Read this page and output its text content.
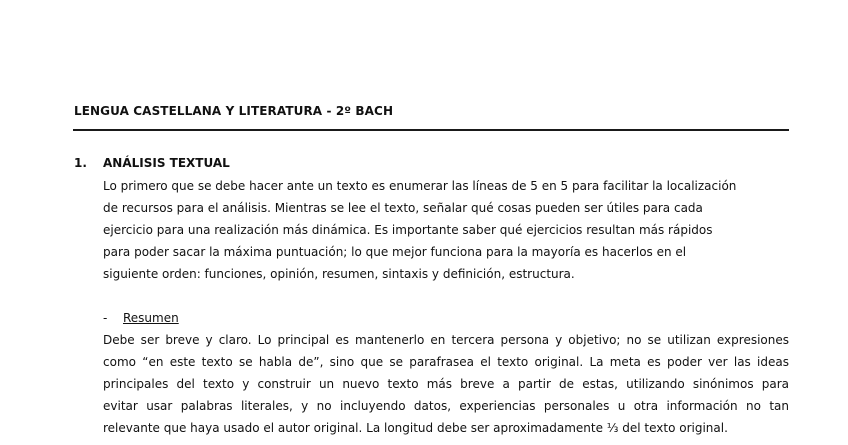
LENGUA CASTELLANA Y LITERATURA - 2º BACH
1. ANÁLISIS TEXTUAL
Lo primero que se debe hacer ante un texto es enumerar las líneas de 5 en 5 para facilitar la localización
de recursos para el análisis. Mientras se lee el texto, señalar qué cosas pueden ser útiles para cada
ejercicio para una realización más dinámica. Es importante saber qué ejercicios resultan más rápidos
para poder sacar la máxima puntuación; lo que mejor funciona para la mayoría es hacerlos en el
siguiente orden: funciones, opinión, resumen, sintaxis y definición, estructura.
- Resumen
Debe ser breve y claro. Lo principal es mantenerlo en tercera persona y objetivo; no se utilizan expresiones
como “en este texto se habla de”, sino que se parafrasea el texto original. La meta es poder ver las ideas
principales del texto y construir un nuevo texto más breve a partir de estas, utilizando sinónimos para
evitar usar palabras literales, y no incluyendo datos, experiencias personales u otra información no tan
relevante que haya usado el autor original. La longitud debe ser aproximadamente ⅓ del texto original.
